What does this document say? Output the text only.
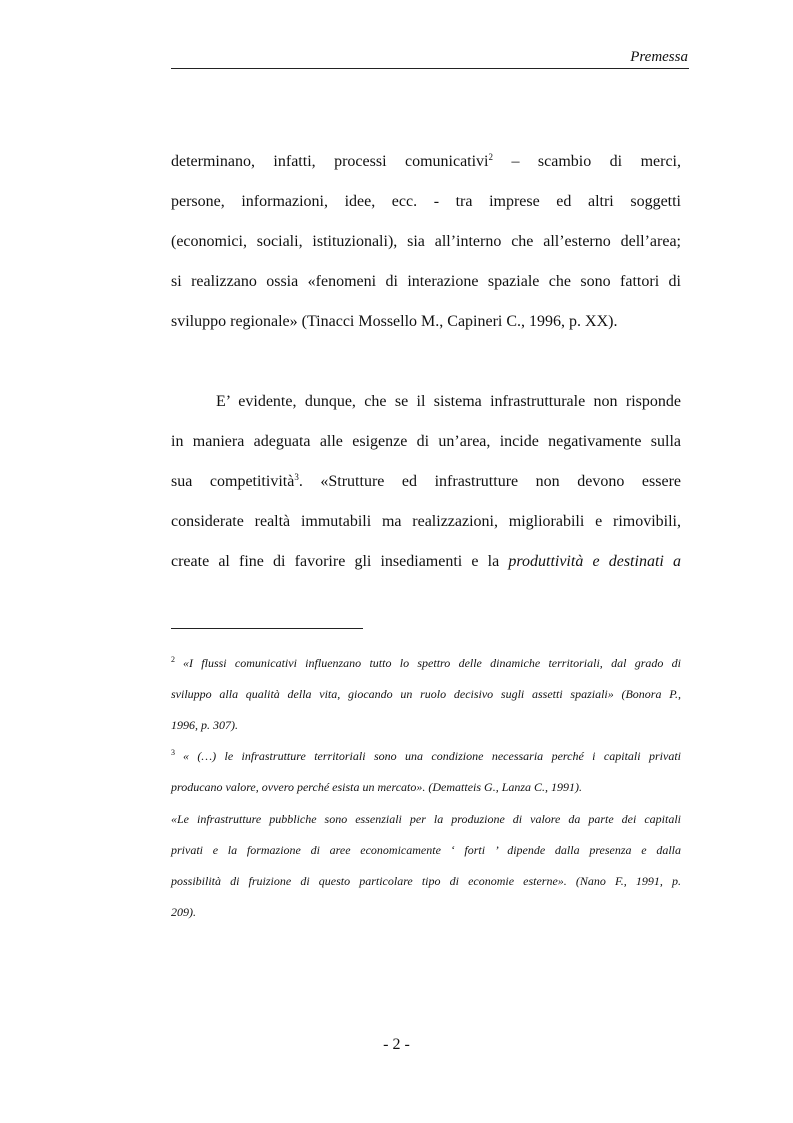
Premessa
determinano, infatti, processi comunicativi$^2$ – scambio di merci,
persone, informazioni, idee, ecc. - tra imprese ed altri soggetti
(economici, sociali, istituzionali), sia all’interno che all’esterno dell’area;
si realizzano ossia «fenomeni di interazione spaziale che sono fattori di
sviluppo regionale» (Tinacci Mossello M., Capineri C., 1996, p. XX).
E’ evidente, dunque, che se il sistema infrastrutturale non risponde
in maniera adeguata alle esigenze di un’area, incide negativamente sulla
sua competitività$^3$. «Strutture ed infrastrutture non devono essere
considerate realtà immutabili ma realizzazioni, migliorabili e rimovibili,
create al fine di favorire gli insediamenti e la produttività e destinati a
$^2$ «I flussi comunicativi influenzano tutto lo spettro delle dinamiche territoriali, dal grado di
sviluppo alla qualità della vita, giocando un ruolo decisivo sugli assetti spaziali» (Bonora P.,
1996, p. 307).
$^3$ « (…) le infrastrutture territoriali sono una condizione necessaria perché i capitali privati
producano valore, ovvero perché esista un mercato». (Dematteis G., Lanza C., 1991).
«Le infrastrutture pubbliche sono essenziali per la produzione di valore da parte dei capitali
privati e la formazione di aree economicamente ‘ forti ’ dipende dalla presenza e dalla
possibilità di fruizione di questo particolare tipo di economie esterne». (Nano F., 1991, p.
209).
- 2 -
